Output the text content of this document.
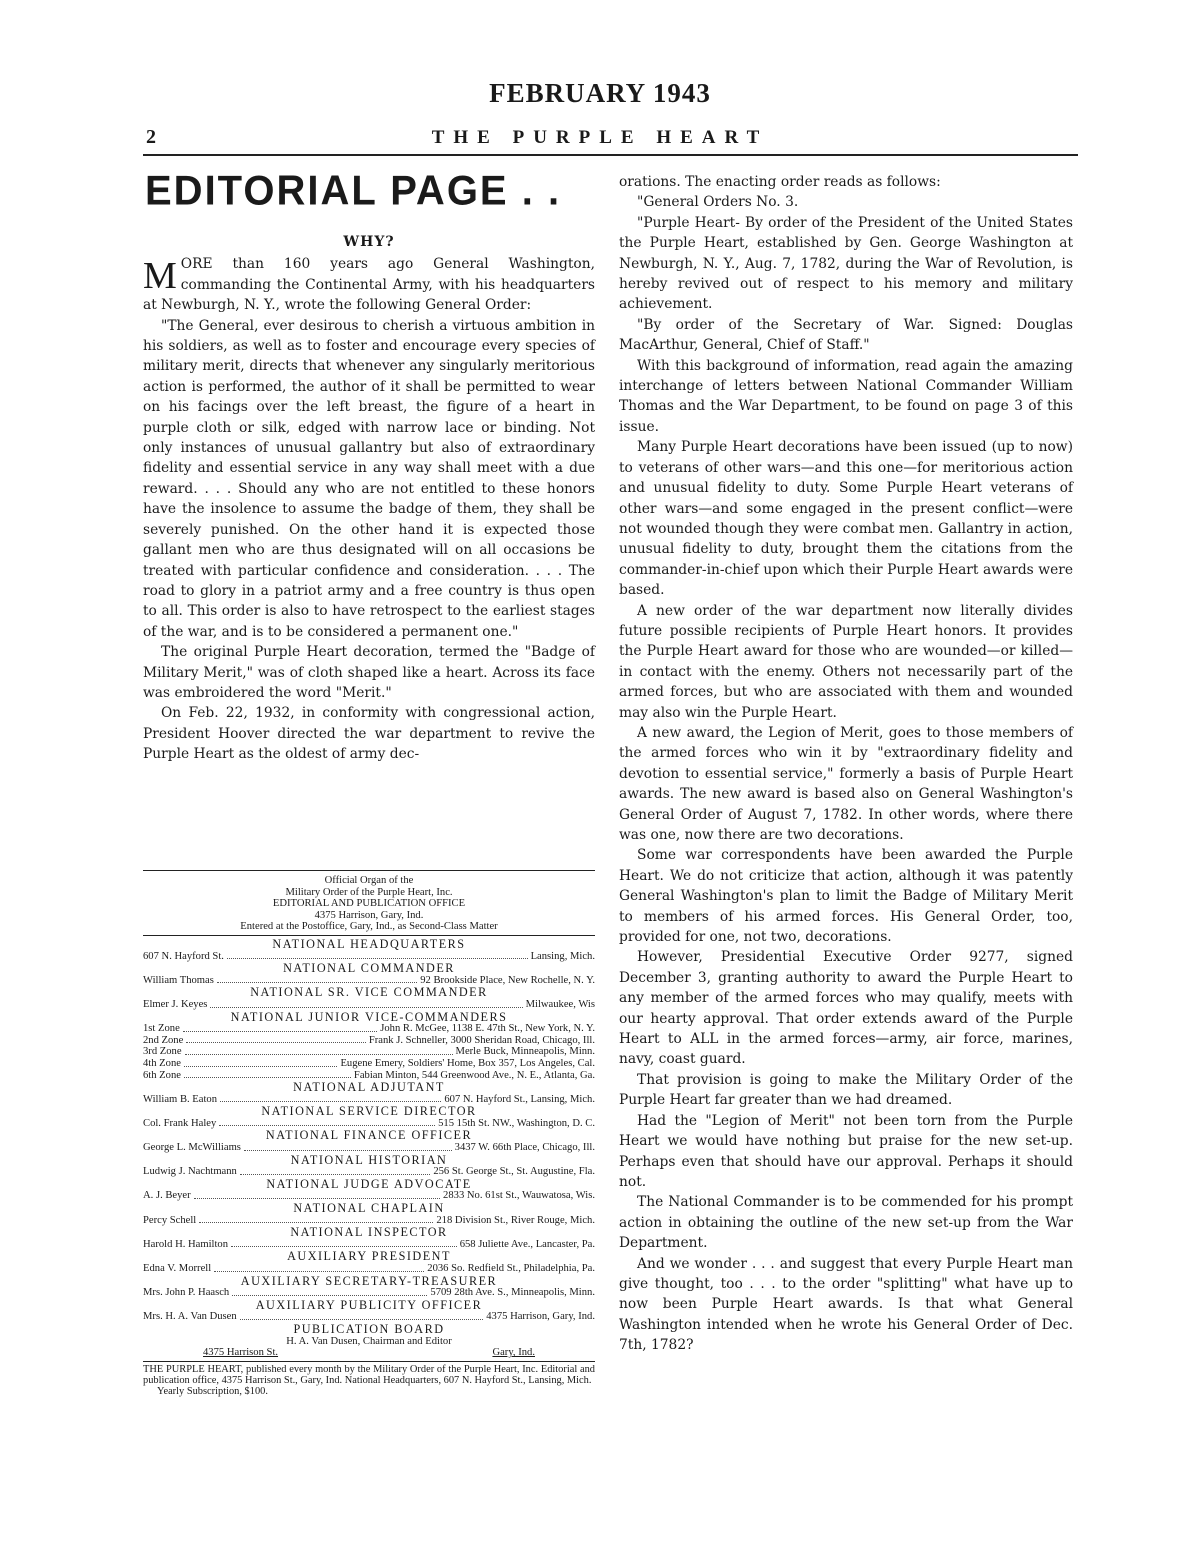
FEBRUARY 1943
2	THE PURPLE HEART
EDITORIAL PAGE . .
WHY?

MORE than 160 years ago General Washington, commanding the Continental Army, with his headquarters at Newburgh, N. Y., wrote the following General Order:

"The General, ever desirous to cherish a virtuous ambition in his soldiers, as well as to foster and encourage every species of military merit, directs that whenever any singularly meritorious action is performed, the author of it shall be permitted to wear on his facings over the left breast, the figure of a heart in purple cloth or silk, edged with narrow lace or binding. Not only instances of unusual gallantry but also of extraordinary fidelity and essential service in any way shall meet with a due reward. . . . Should any who are not entitled to these honors have the insolence to assume the badge of them, they shall be severely punished. On the other hand it is expected those gallant men who are thus designated will on all occasions be treated with particular confidence and consideration. . . . The road to glory in a patriot army and a free country is thus open to all. This order is also to have retrospect to the earliest stages of the war, and is to be considered a permanent one."

The original Purple Heart decoration, termed the "Badge of Military Merit," was of cloth shaped like a heart. Across its face was embroidered the word "Merit."

On Feb. 22, 1932, in conformity with congressional action, President Hoover directed the war department to revive the Purple Heart as the oldest of army dec-

Official Organ of the
Military Order of the Purple Heart, Inc.
EDITORIAL AND PUBLICATION OFFICE
4375 Harrison, Gary, Ind.
Entered at the Postoffice, Gary, Ind., as Second-Class Matter
NATIONAL HEADQUARTERS
607 N. Hayford St.	Lansing, Mich.
NATIONAL COMMANDER
William Thomas	92 Brookside Place, New Rochelle, N. Y.
NATIONAL SR. VICE COMMANDER
Elmer J. Keyes	Milwaukee, Wis
NATIONAL JUNIOR VICE-COMMANDERS
1st Zone	John R. McGee, 1138 E. 47th St., New York, N. Y.
2nd Zone	Frank J. Schneller, 3000 Sheridan Road, Chicago, Ill.
3rd Zone	Merle Buck, Minneapolis, Minn.
4th Zone	Eugene Emery, Soldiers' Home, Box 357, Los Angeles, Cal.
6th Zone	Fabian Minton, 544 Greenwood Ave., N. E., Atlanta, Ga.
NATIONAL ADJUTANT
William B. Eaton	607 N. Hayford St., Lansing, Mich.
NATIONAL SERVICE DIRECTOR
Col. Frank Haley	515 15th St. NW., Washington, D. C.
NATIONAL FINANCE OFFICER
George L. McWilliams	3437 W. 66th Place, Chicago, Ill.
NATIONAL HISTORIAN
Ludwig J. Nachtmann	256 St. George St., St. Augustine, Fla.
NATIONAL JUDGE ADVOCATE
A. J. Beyer	2833 No. 61st St., Wauwatosa, Wis.
NATIONAL CHAPLAIN
Percy Schell	218 Division St., River Rouge, Mich.
NATIONAL INSPECTOR
Harold H. Hamilton	658 Juliette Ave., Lancaster, Pa.
AUXILIARY PRESIDENT
Edna V. Morrell	2036 So. Redfield St., Philadelphia, Pa.
AUXILIARY SECRETARY-TREASURER
Mrs. John P. Haasch	5709 28th Ave. S., Minneapolis, Minn.
AUXILIARY PUBLICITY OFFICER
Mrs. H. A. Van Dusen	4375 Harrison, Gary, Ind.
PUBLICATION BOARD
H. A. Van Dusen, Chairman and Editor
4375 Harrison St.	Gary, Ind.
THE PURPLE HEART, published every month by the Military Order of the Purple Heart, Inc. Editorial and publication office, 4375 Harrison St., Gary, Ind. National Headquarters, 607 N. Hayford St., Lansing, Mich.
Yearly Subscription, $100.

orations. The enacting order reads as follows:

"General Orders No. 3.

"Purple Heart- By order of the President of the United States the Purple Heart, established by Gen. George Washington at Newburgh, N. Y., Aug. 7, 1782, during the War of Revolution, is hereby revived out of respect to his memory and military achievement.

"By order of the Secretary of War. Signed: Douglas MacArthur, General, Chief of Staff."

With this background of information, read again the amazing interchange of letters between National Commander William Thomas and the War Department, to be found on page 3 of this issue.

Many Purple Heart decorations have been issued (up to now) to veterans of other wars—and this one—for meritorious action and unusual fidelity to duty. Some Purple Heart veterans of other wars—and some engaged in the present conflict—were not wounded though they were combat men. Gallantry in action, unusual fidelity to duty, brought them the citations from the commander-in-chief upon which their Purple Heart awards were based.

A new order of the war department now literally divides future possible recipients of Purple Heart honors. It provides the Purple Heart award for those who are wounded—or killed—in contact with the enemy. Others not necessarily part of the armed forces, but who are associated with them and wounded may also win the Purple Heart.

A new award, the Legion of Merit, goes to those members of the armed forces who win it by "extraordinary fidelity and devotion to essential service," formerly a basis of Purple Heart awards. The new award is based also on General Washington's General Order of August 7, 1782. In other words, where there was one, now there are two decorations.

Some war correspondents have been awarded the Purple Heart. We do not criticize that action, although it was patently General Washington's plan to limit the Badge of Military Merit to members of his armed forces. His General Order, too, provided for one, not two, decorations.

However, Presidential Executive Order 9277, signed December 3, granting authority to award the Purple Heart to any member of the armed forces who may qualify, meets with our hearty approval. That order extends award of the Purple Heart to ALL in the armed forces—army, air force, marines, navy, coast guard.

That provision is going to make the Military Order of the Purple Heart far greater than we had dreamed.

Had the "Legion of Merit" not been torn from the Purple Heart we would have nothing but praise for the new set-up. Perhaps even that should have our approval. Perhaps it should not.

The National Commander is to be commended for his prompt action in obtaining the outline of the new set-up from the War Department.

And we wonder . . . and suggest that every Purple Heart man give thought, too . . . to the order "splitting" what have up to now been Purple Heart awards. Is that what General Washington intended when he wrote his General Order of Dec. 7th, 1782?
